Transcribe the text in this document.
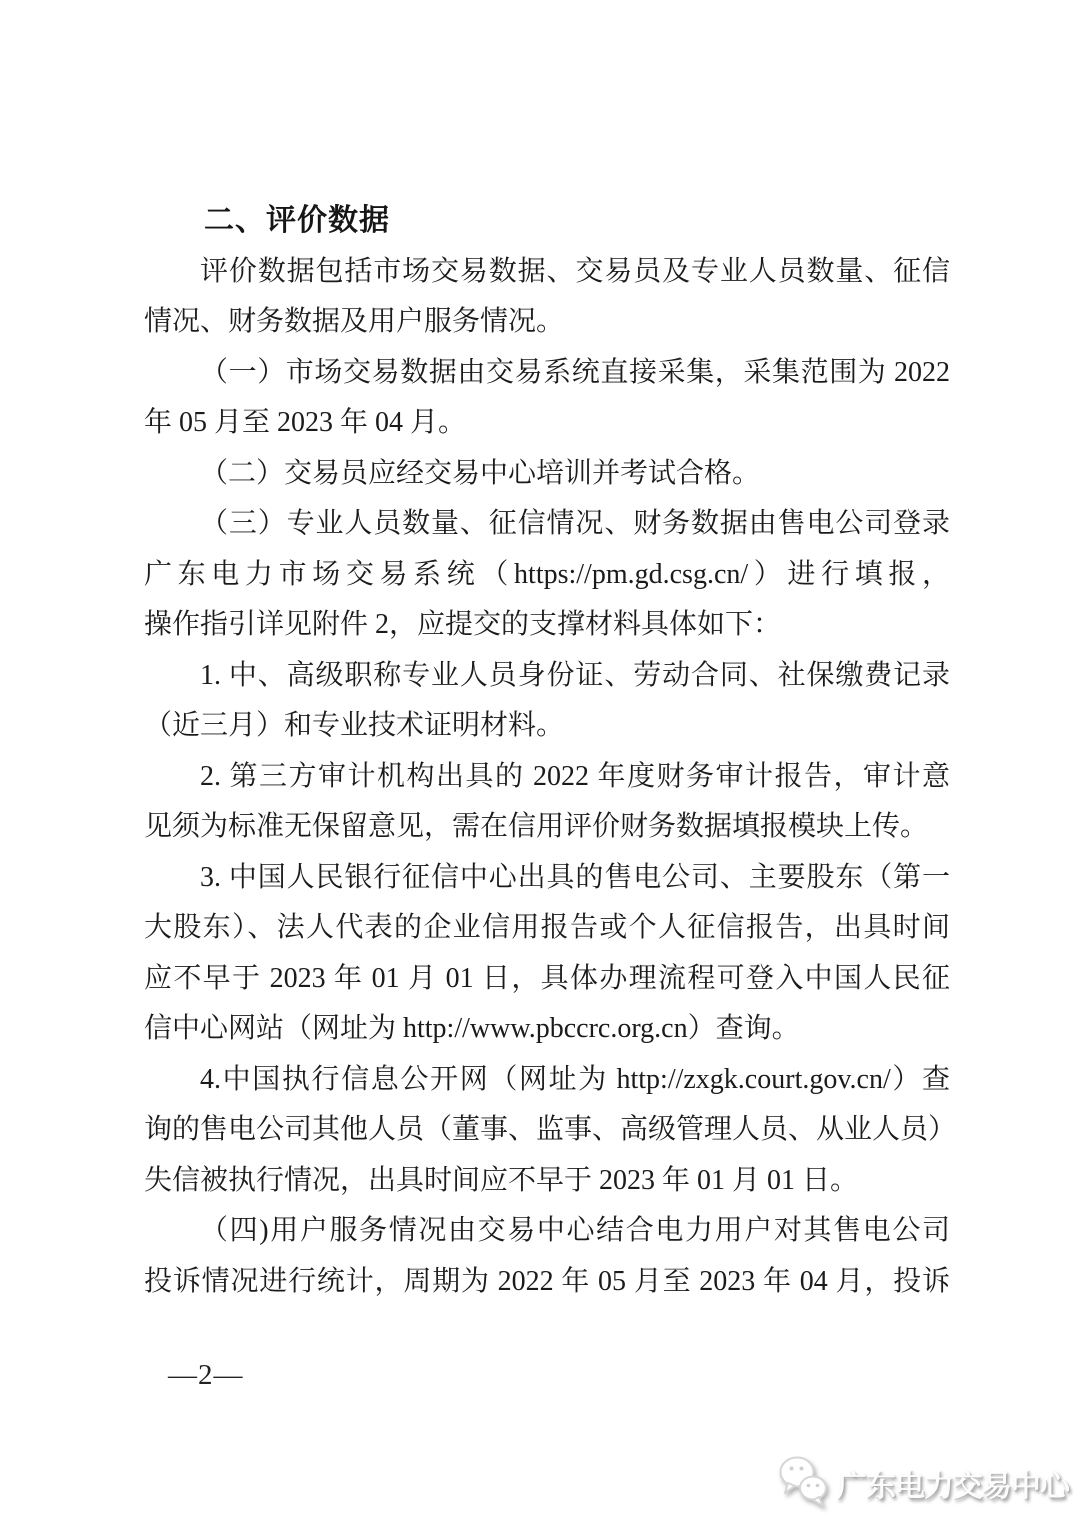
二、评价数据
评价数据包括市场交易数据、交易员及专业人员数量、征信
情况、财务数据及用户服务情况。
（一）市场交易数据由交易系统直接采集，采集范围为 2022
年 05 月至 2023 年 04 月。
（二）交易员应经交易中心培训并考试合格。
（三）专业人员数量、征信情况、财务数据由售电公司登录
广东电力市场交易系统（https://pm.gd.csg.cn/）进行填报，
操作指引详见附件 2，应提交的支撑材料具体如下：
1. 中、高级职称专业人员身份证、劳动合同、社保缴费记录
（近三月）和专业技术证明材料。
2. 第三方审计机构出具的 2022 年度财务审计报告，审计意
见须为标准无保留意见，需在信用评价财务数据填报模块上传。
3. 中国人民银行征信中心出具的售电公司、主要股东（第一
大股东）、法人代表的企业信用报告或个人征信报告，出具时间
应不早于 2023 年 01 月 01 日，具体办理流程可登入中国人民征
信中心网站（网址为 http://www.pbccrc.org.cn）查询。
4.中国执行信息公开网（网址为 http://zxgk.court.gov.cn/）查
询的售电公司其他人员（董事、监事、高级管理人员、从业人员）
失信被执行情况，出具时间应不早于 2023 年 01 月 01 日。
（四)用户服务情况由交易中心结合电力用户对其售电公司
投诉情况进行统计，周期为 2022 年 05 月至 2023 年 04 月，投诉
—2—
广东电力交易中心
